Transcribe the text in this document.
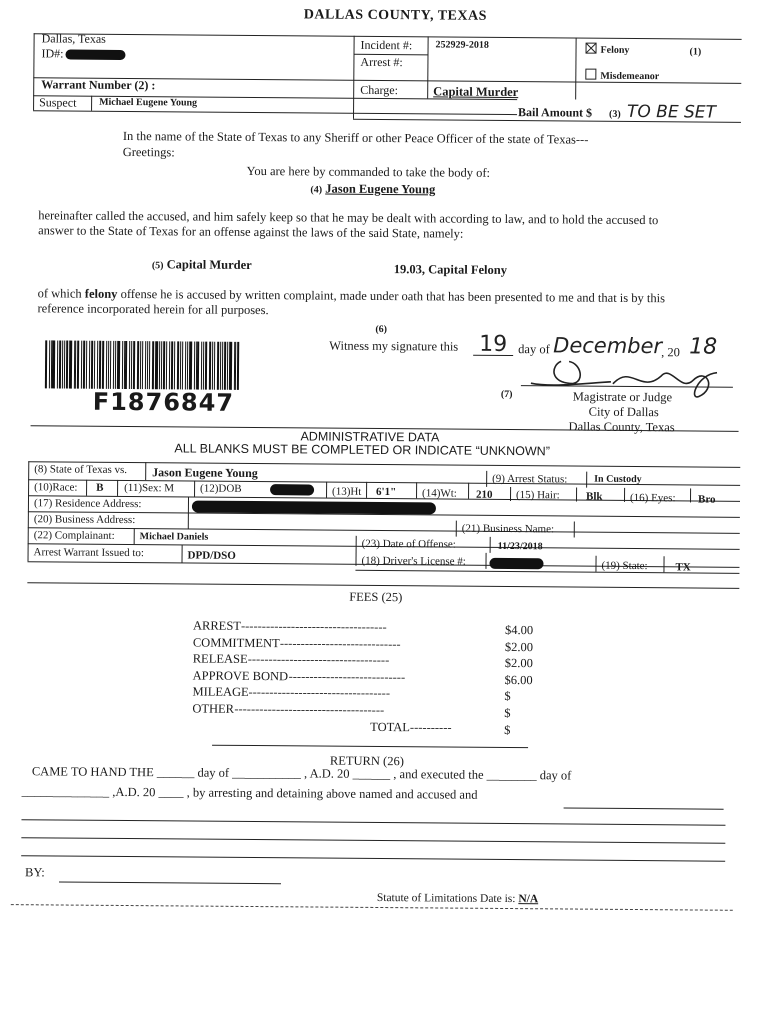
DALLAS COUNTY, TEXAS
Dallas, Texas
ID#:
Incident #: 252929-2018
Arrest #:
Felony	(1)
Misdemeanor
Warrant Number (2) :	Charge:	Capital Murder
Suspect Michael Eugene Young
Bail Amount $ (3) TO BE SET
In the name of the State of Texas to any Sheriff or other Peace Officer of the state of Texas---
Greetings:
You are here by commanded to take the body of:
(4) Jason Eugene Young
hereinafter called the accused, and him safely keep so that he may be dealt with according to law, and to hold the accused to
answer to the State of Texas for an offense against the laws of the said State, namely:
(5) Capital Murder	19.03, Capital Felony
of which felony offense he is accused by written complaint, made under oath that has been presented to me and that is by this
reference incorporated herein for all purposes.
F1876847
(6)
Witness my signature this 19 day of December
, 20 18
(7)	Magistrate or Judge
City of Dallas
Dallas County, Texas
ADMINISTRATIVE DATA
ALL BLANKS MUST BE COMPLETED OR INDICATE “UNKNOWN”
(8) State of Texas vs. Jason Eugene Young	(9) Arrest Status:	In Custody
(10)Race: B (11)Sex: M (12)DOB	(13)Ht 6'1" (14)Wt: 210 (15) Hair: Blk (16) Eyes: Bro
(17) Residence Address:
(20) Business Address:
(21) Business Name:
(22) Complainant: Michael Daniels
(23) Date of Offense:	11/23/2018
Arrest Warrant Issued to:	DPD/DSO	(18) Driver's License #:	(19) State:	TX
FEES (25)
ARREST -----------------------------------	$4.00
COMMITMENT -----------------------------	$2.00
RELEASE ----------------------------------	$2.00
APPROVE BOND ----------------------------	$6.00
MILEAGE ----------------------------------	$
OTHER ------------------------------------	$
TOTAL----------	$
RETURN (26)
CAME TO HAND THE ______ day of ___________ , A.D. 20 ______ , and executed the ________ day of
______________ ,A.D. 20 ____ , by arresting and detaining above named and accused and
BY:
Statute of Limitations Date is: N/A
